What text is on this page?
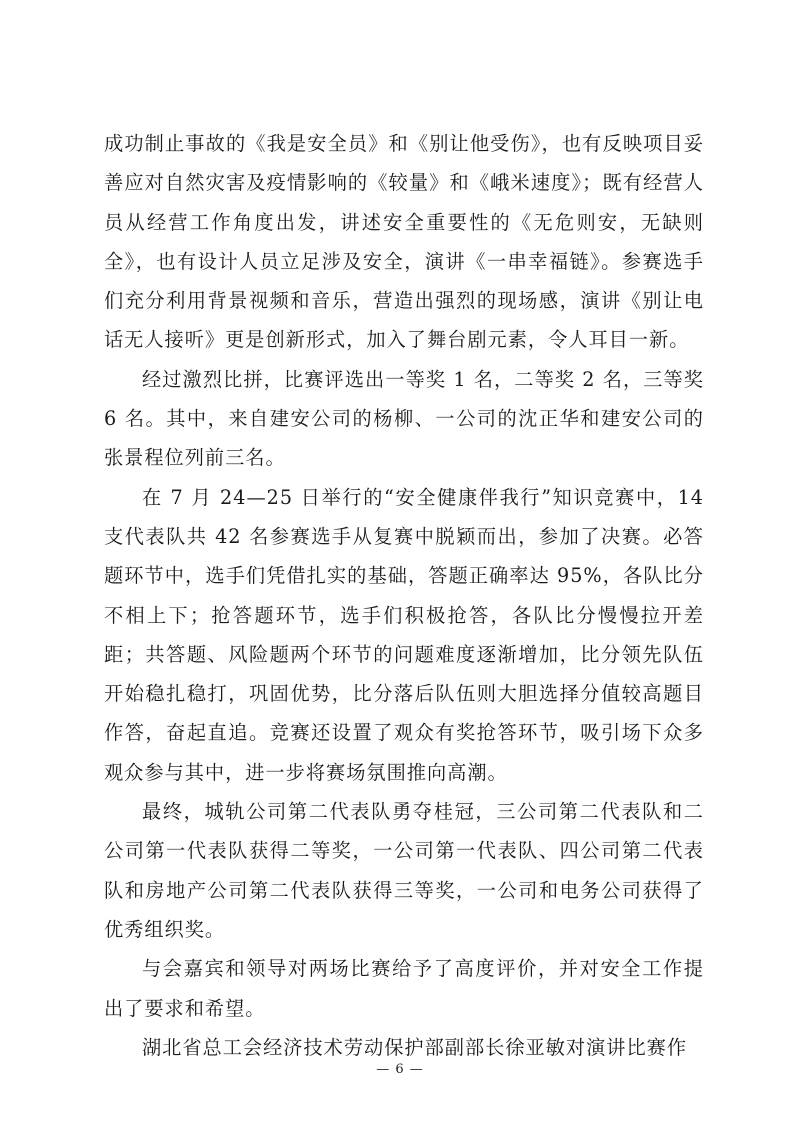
成功制止事故的《我是安全员》和《别让他受伤》，也有反映项目妥善应对自然灾害及疫情影响的《较量》和《峨米速度》；既有经营人员从经营工作角度出发，讲述安全重要性的《无危则安，无缺则全》，也有设计人员立足涉及安全，演讲《一串幸福链》。参赛选手们充分利用背景视频和音乐，营造出强烈的现场感，演讲《别让电话无人接听》更是创新形式，加入了舞台剧元素，令人耳目一新。

经过激烈比拼，比赛评选出一等奖 1 名，二等奖 2 名，三等奖 6 名。其中，来自建安公司的杨柳、一公司的沈正华和建安公司的张景程位列前三名。

在 7 月 24—25 日举行的“安全健康伴我行”知识竞赛中，14 支代表队共 42 名参赛选手从复赛中脱颖而出，参加了决赛。必答题环节中，选手们凭借扎实的基础，答题正确率达 95%，各队比分不相上下；抢答题环节，选手们积极抢答，各队比分慢慢拉开差距；共答题、风险题两个环节的问题难度逐渐增加，比分领先队伍开始稳扎稳打，巩固优势，比分落后队伍则大胆选择分值较高题目作答，奋起直追。竞赛还设置了观众有奖抢答环节，吸引场下众多观众参与其中，进一步将赛场氛围推向高潮。

最终，城轨公司第二代表队勇夺桂冠，三公司第二代表队和二公司第一代表队获得二等奖，一公司第一代表队、四公司第二代表队和房地产公司第二代表队获得三等奖，一公司和电务公司获得了优秀组织奖。

与会嘉宾和领导对两场比赛给予了高度评价，并对安全工作提出了要求和希望。

湖北省总工会经济技术劳动保护部副部长徐亚敏对演讲比赛作

— 6 —
